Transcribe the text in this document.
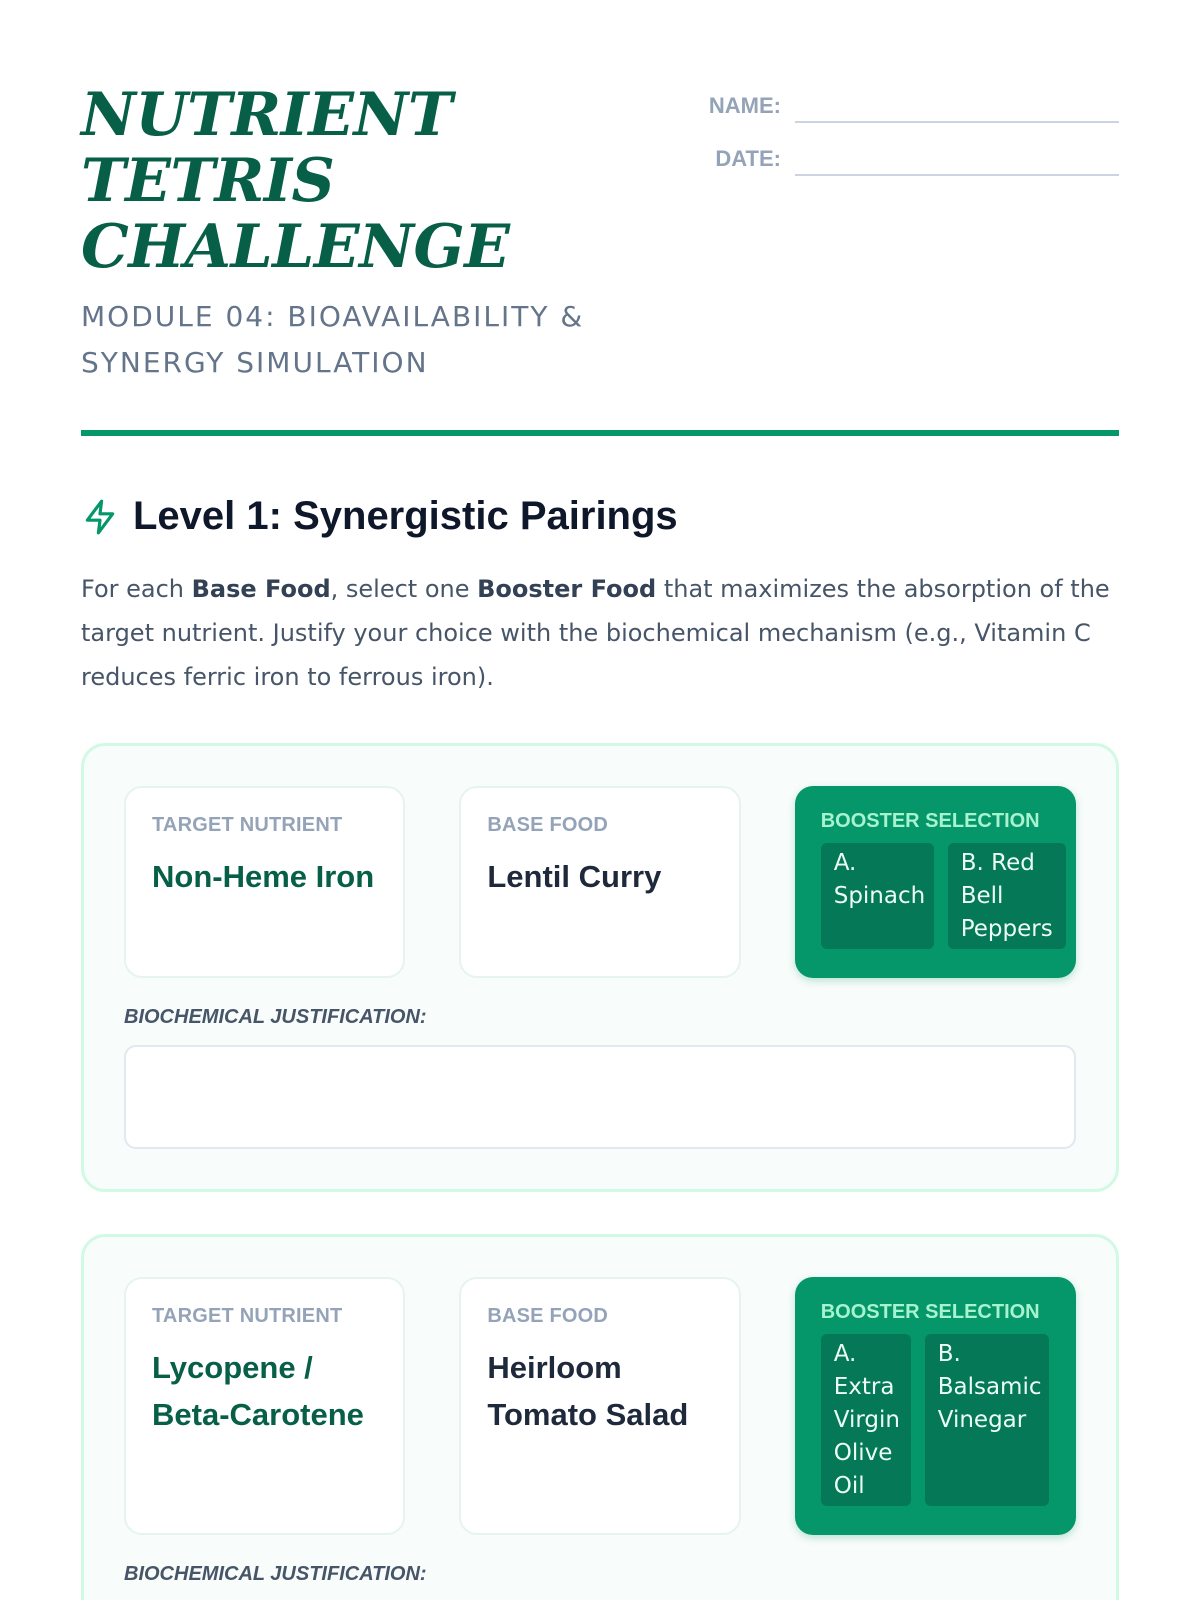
NUTRIENT TETRIS
CHALLENGE

MODULE 04: BIOAVAILABILITY & SYNERGY SIMULATION

NAME:
DATE:
Level 1: Synergistic Pairings

For each Base Food, select one Booster Food that maximizes the absorption of the target nutrient. Justify your choice with the biochemical mechanism (e.g., Vitamin C reduces ferric iron to ferrous iron).

TARGET NUTRIENT
Non-Heme Iron
BASE FOOD
Lentil Curry
BOOSTER SELECTION
A. Spinach
B. Red Bell Peppers
BIOCHEMICAL JUSTIFICATION:
TARGET NUTRIENT
Lycopene / Beta-Carotene
BASE FOOD
Heirloom Tomato Salad
BOOSTER SELECTION
A. Extra Virgin Olive Oil
B. Balsamic Vinegar
BIOCHEMICAL JUSTIFICATION:
